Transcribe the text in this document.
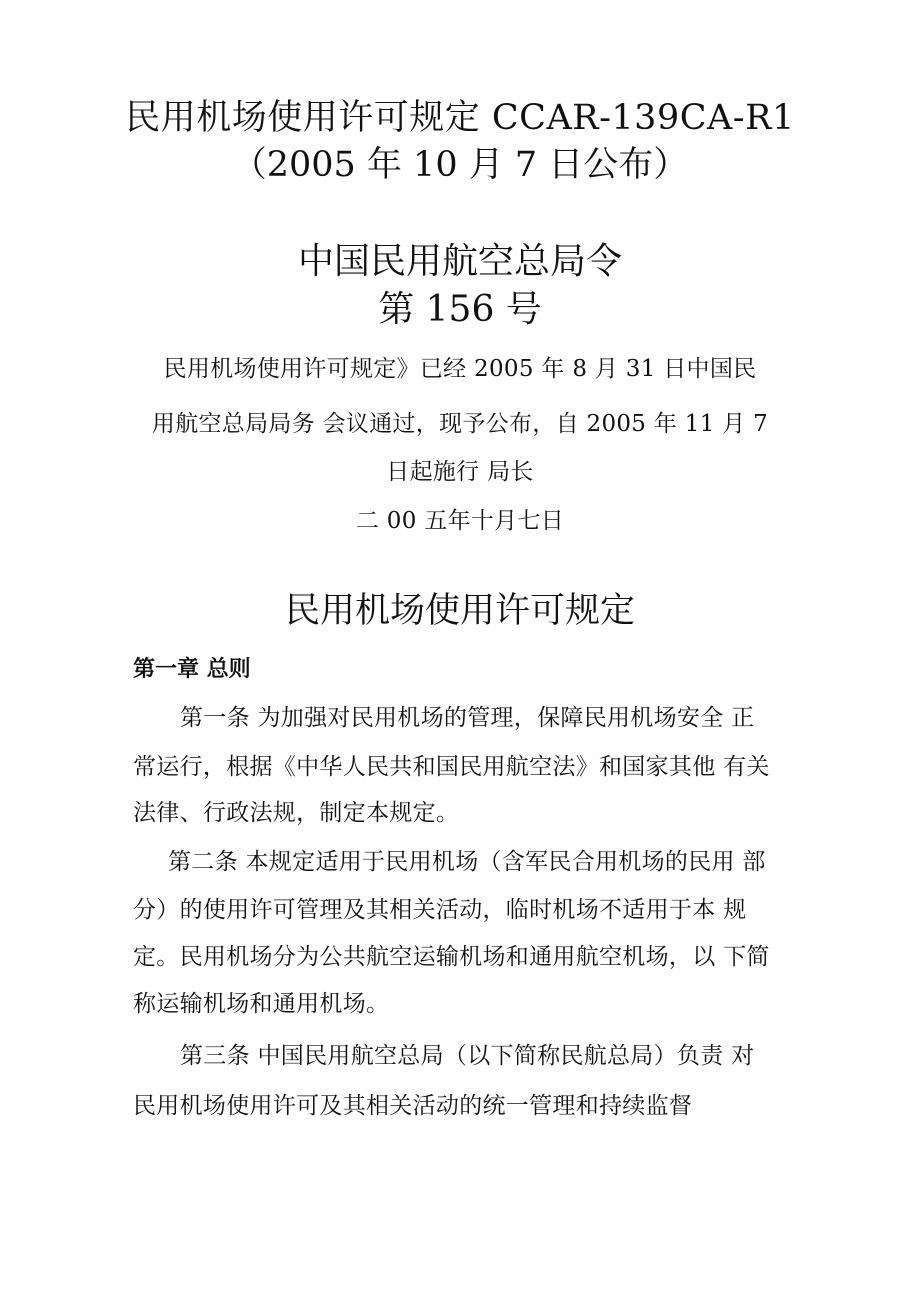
民用机场使用许可规定 CCAR-139CA-R1
（2005 年 10 月 7 日公布）
中国民用航空总局令
第 156 号
民用机场使用许可规定》已经 2005 年 8 月 31 日中国民
用航空总局局务 会议通过，现予公布，自 2005 年 11 月 7
日起施行 局长
二 00 五年十月七日
民用机场使用许可规定
第一章 总则
第一条 为加强对民用机场的管理，保障民用机场安全 正
常运行，根据《中华人民共和国民用航空法》和国家其他 有关
法律、行政法规，制定本规定。
第二条 本规定适用于民用机场（含军民合用机场的民用 部
分）的使用许可管理及其相关活动，临时机场不适用于本 规
定。民用机场分为公共航空运输机场和通用航空机场，以 下简
称运输机场和通用机场。
第三条 中国民用航空总局（以下简称民航总局）负责 对
民用机场使用许可及其相关活动的统一管理和持续监督
